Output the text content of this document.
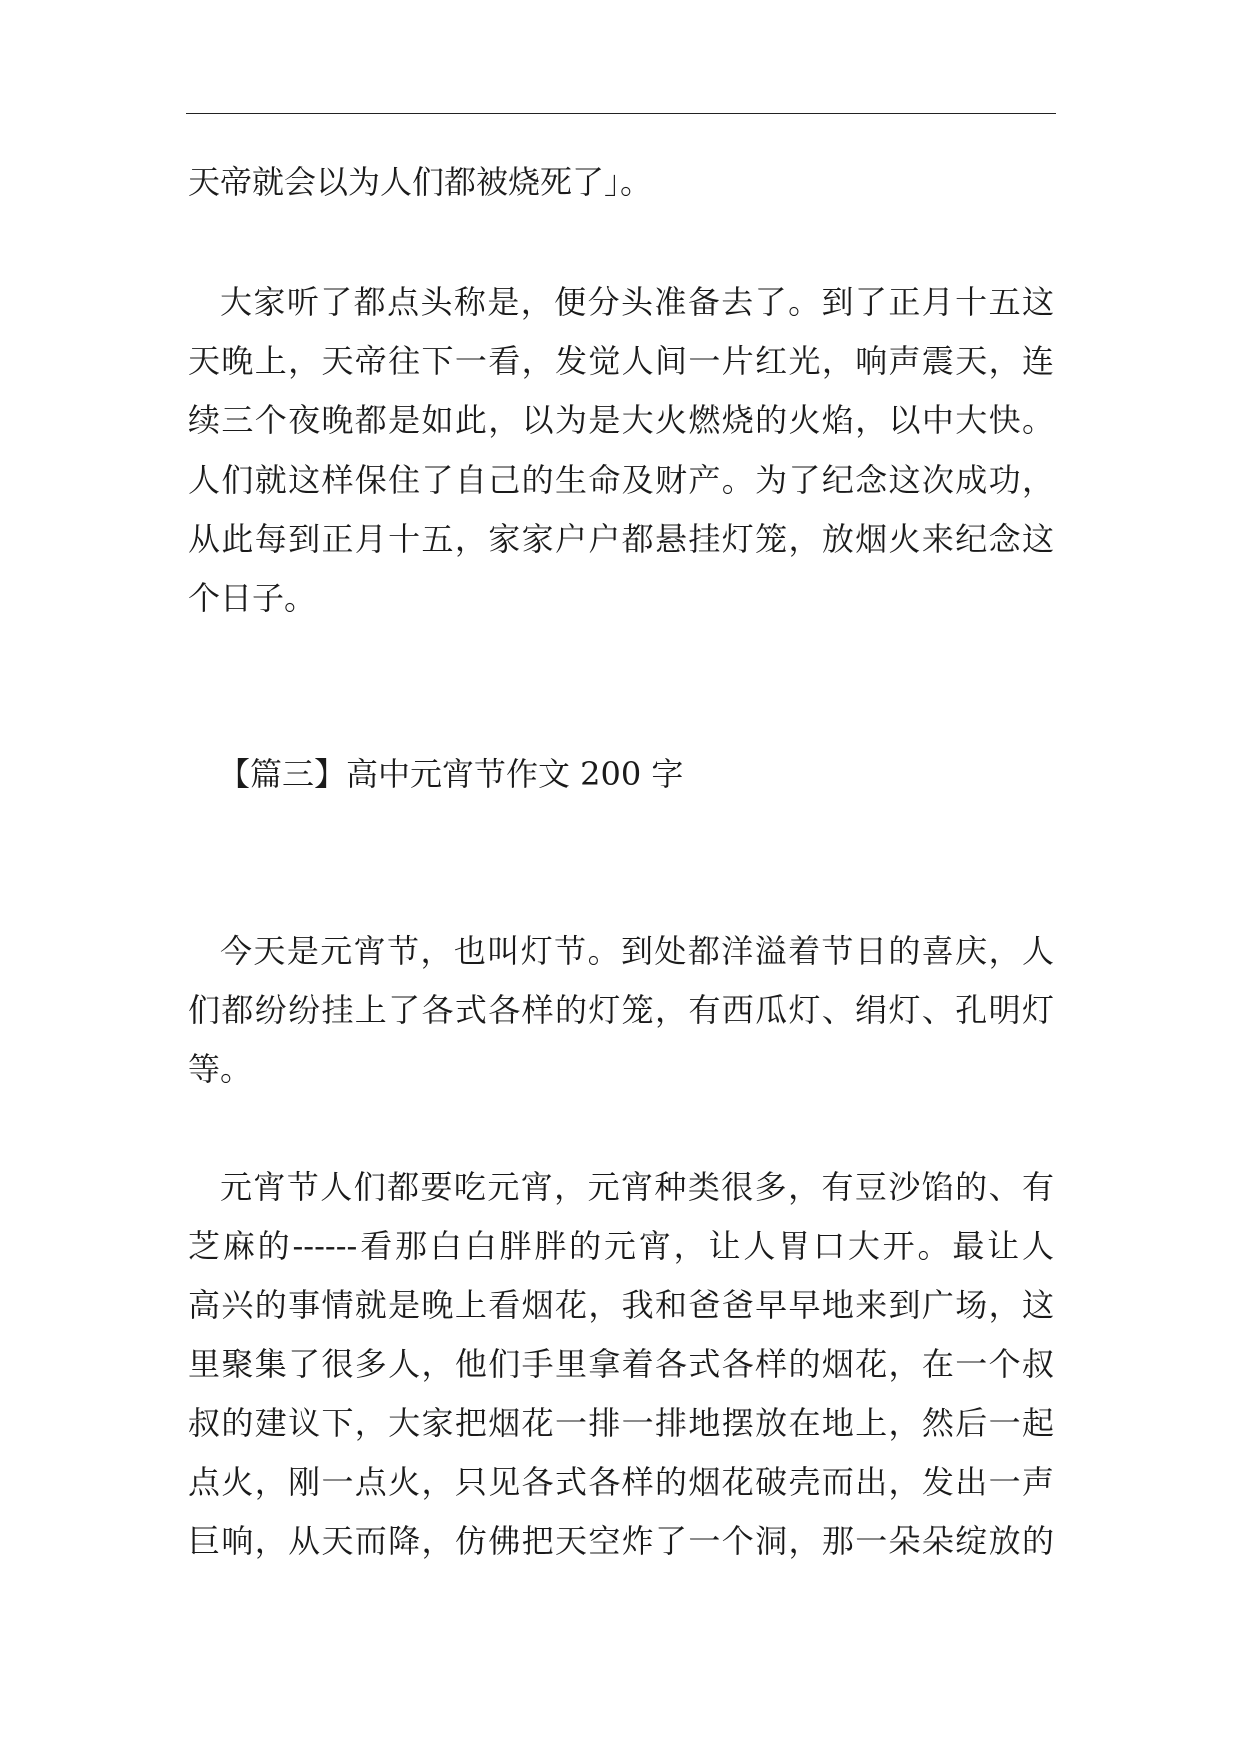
天帝就会以为人们都被烧死了」。
大家听了都点头称是，便分头准备去了。到了正月十五这
天晚上，天帝往下一看，发觉人间一片红光，响声震天，连
续三个夜晚都是如此，以为是大火燃烧的火焰，以中大快。
人们就这样保住了自己的生命及财产。为了纪念这次成功，
从此每到正月十五，家家户户都悬挂灯笼，放烟火来纪念这
个日子。
【篇三】高中元宵节作文 200 字
今天是元宵节，也叫灯节。到处都洋溢着节日的喜庆，人
们都纷纷挂上了各式各样的灯笼，有西瓜灯、绢灯、孔明灯
等。
元宵节人们都要吃元宵，元宵种类很多，有豆沙馅的、有
芝麻的------看那白白胖胖的元宵，让人胃口大开。最让人
高兴的事情就是晚上看烟花，我和爸爸早早地来到广场，这
里聚集了很多人，他们手里拿着各式各样的烟花，在一个叔
叔的建议下，大家把烟花一排一排地摆放在地上，然后一起
点火，刚一点火，只见各式各样的烟花破壳而出，发出一声
巨响，从天而降，仿佛把天空炸了一个洞，那一朵朵绽放的
